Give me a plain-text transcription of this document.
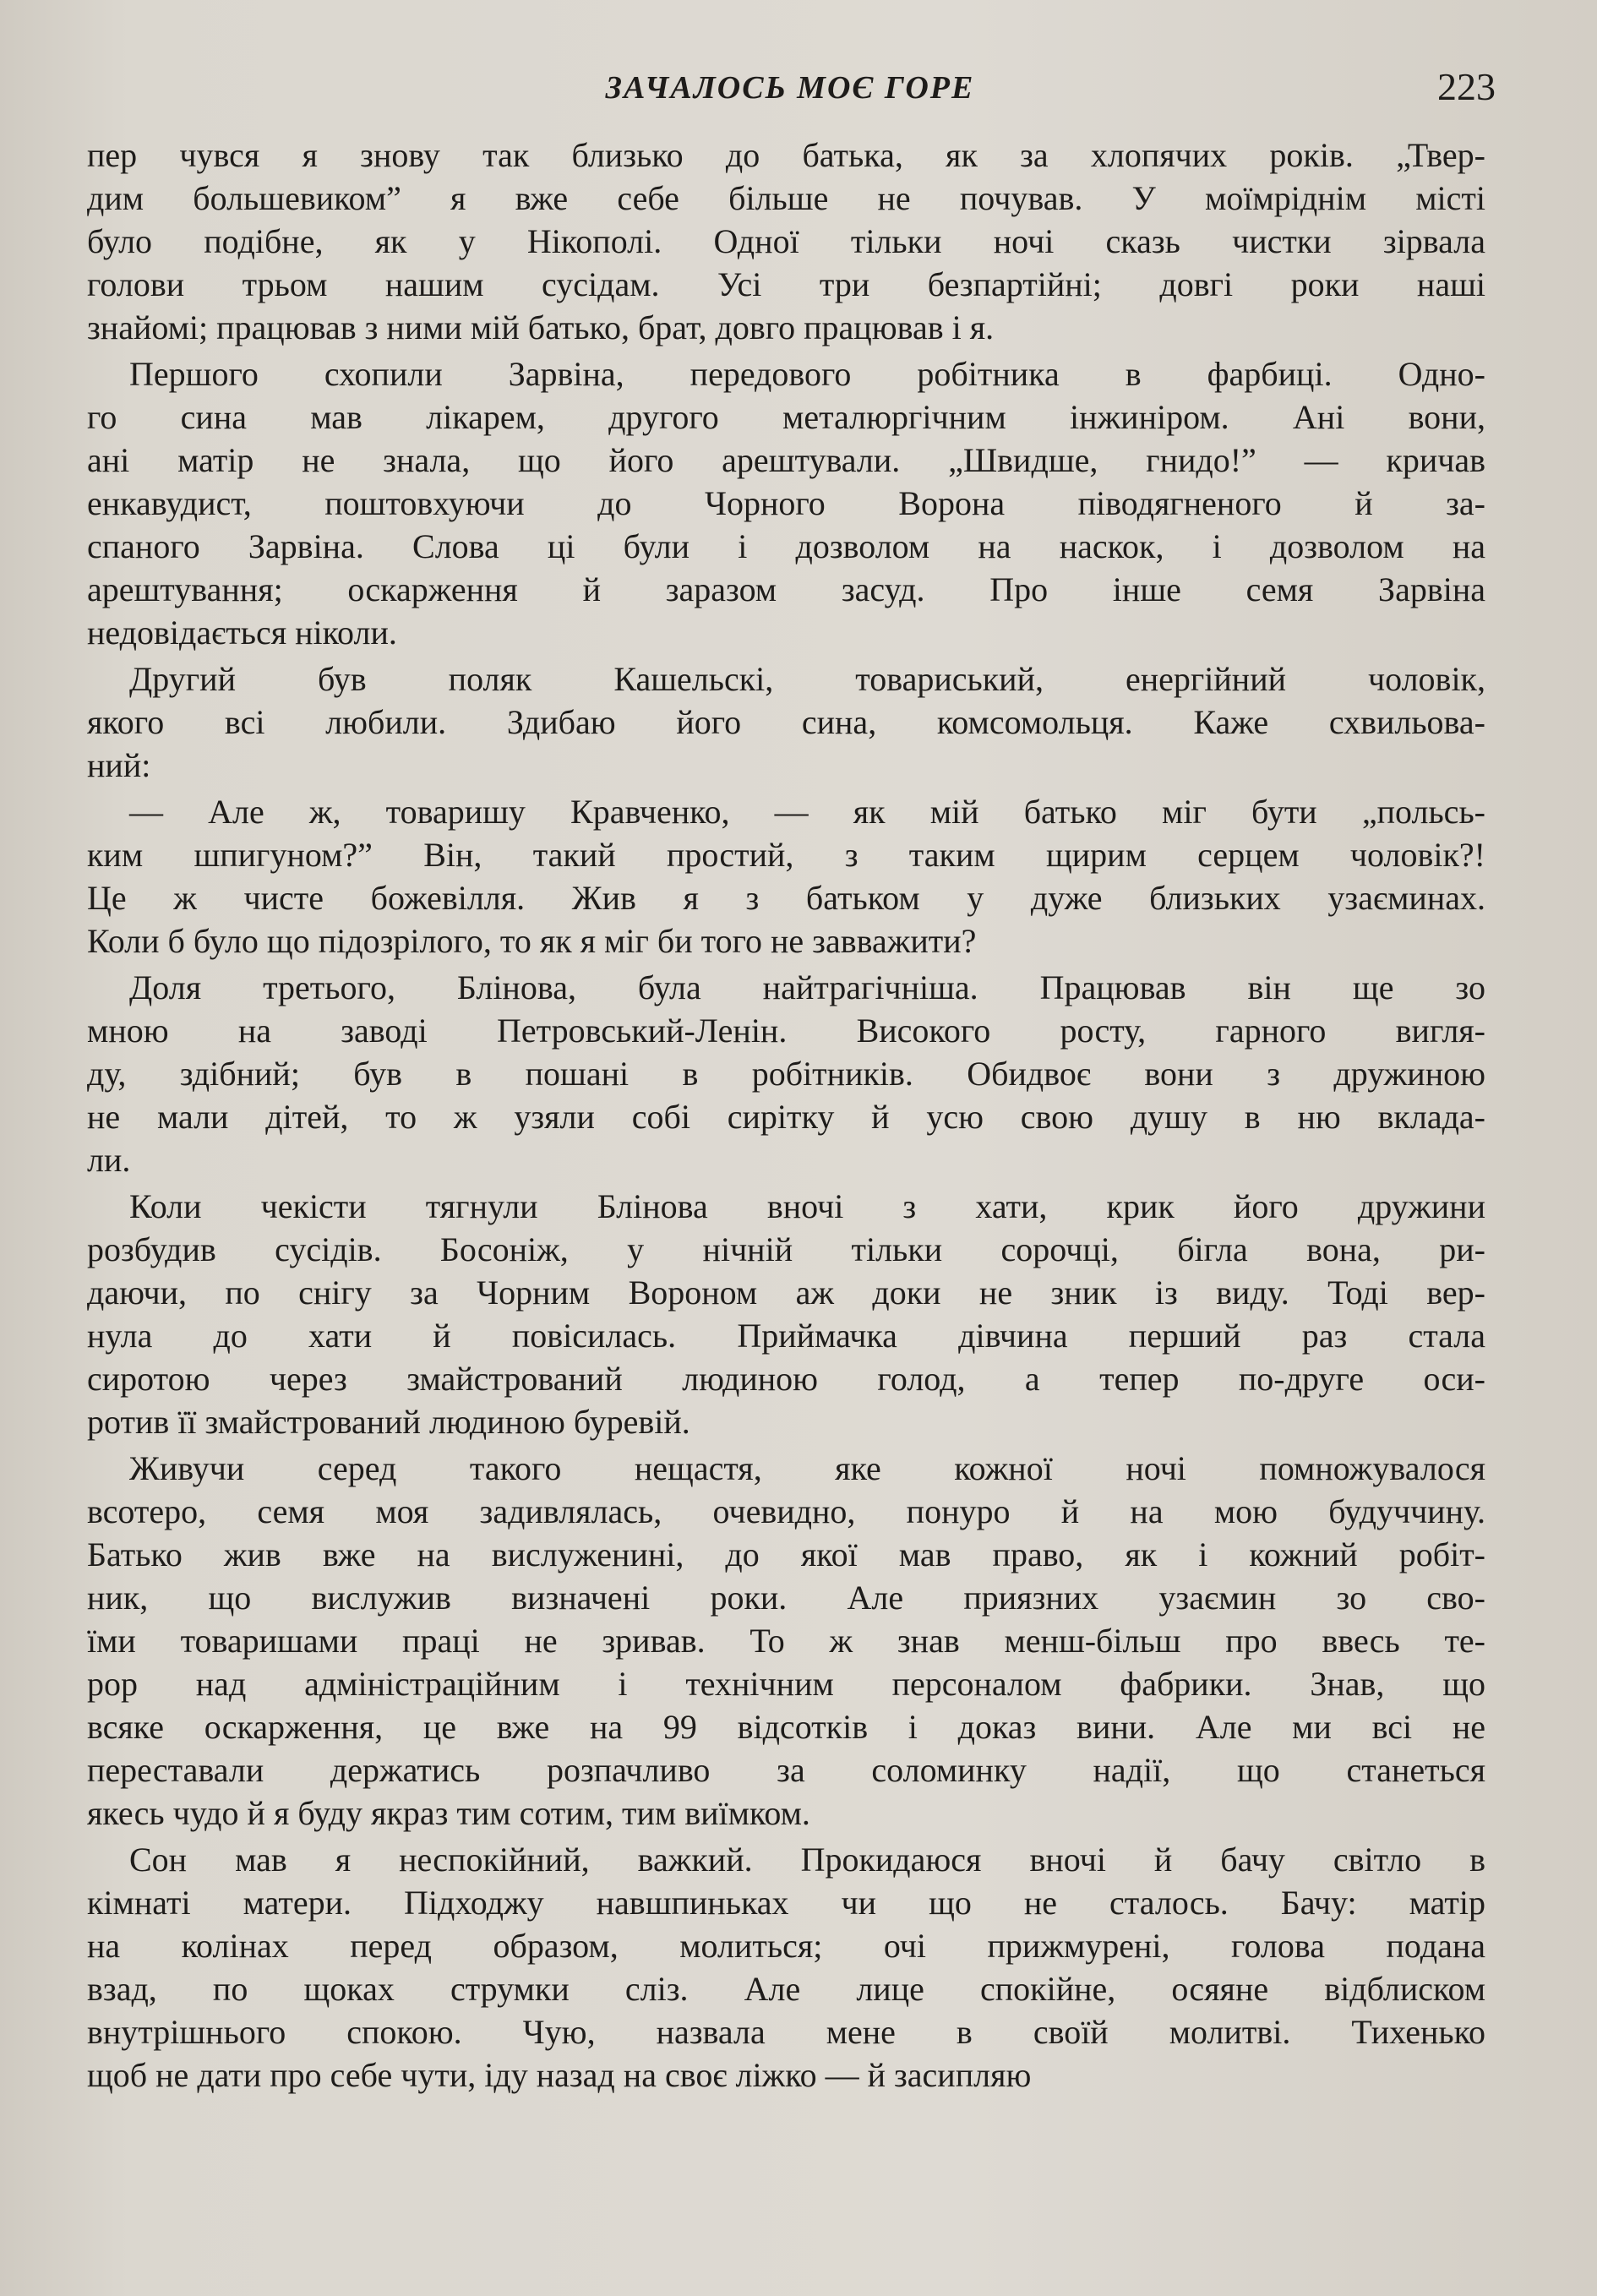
ЗАЧАЛОСЬ МОЄ ГОРЕ	223
пер чувся я знову так близько до батька, як за хлопячих років. „Твер-
дим большевиком” я вже себе більше не почував. У моїмріднім місті
було подібне, як у Нікополі. Одної тільки ночі сказь чистки зірвала
голови трьом нашим сусідам. Усі три безпартійні; довгі роки наші
знайомі; працював з ними мій батько, брат, довго працював і я.
Першого схопили Зарвіна, передового робітника в фарбиці. Одно-
го сина мав лікарем, другого металюргічним інжиніром. Ані вони,
ані матір не знала, що його арештували. „Швидше, гнидо!” — кричав
енкавудист, поштовхуючи до Чорного Ворона піводягненого й за-
спаного Зарвіна. Слова ці були і дозволом на наскок, і дозволом на
арештування; оскарження й заразом засуд. Про інше семя Зарвіна
недовідається ніколи.
Другий був поляк Кашельскі, товариський, енергійний чоловік,
якого всі любили. Здибаю його сина, комсомольця. Каже схвильова-
ний:
— Але ж, товаришу Кравченко, — як мій батько міг бути „польсь-
ким шпигуном?” Він, такий простий, з таким щирим серцем чоловік?!
Це ж чисте божевілля. Жив я з батьком у дуже близьких узаєминах.
Коли б було що підозрілого, то як я міг би того не завважити?
Доля третього, Блінова, була найтрагічніша. Працював він ще зо
мною на заводі Петровський-Ленін. Високого росту, гарного вигля-
ду, здібний; був в пошані в робітників. Обидвоє вони з дружиною
не мали дітей, то ж узяли собі сирітку й усю свою душу в ню вклада-
ли.
Коли чекісти тягнули Блінова вночі з хати, крик його дружини
розбудив сусідів. Босоніж, у нічній тільки сорочці, бігла вона, ри-
даючи, по снігу за Чорним Вороном аж доки не зник із виду. Тоді вер-
нула до хати й повісилась. Приймачка дівчина перший раз стала
сиротою через змайстрований людиною голод, а тепер по-друге оси-
ротив її змайстрований людиною буревій.
Живучи серед такого нещастя, яке кожної ночі помножувалося
всотеро, семя моя задивлялась, очевидно, понуро й на мою будуччину.
Батько жив вже на вислуженині, до якої мав право, як і кожний робіт-
ник, що вислужив визначені роки. Але приязних узаємин зо сво-
їми товаришами праці не зривав. То ж знав менш-більш про ввесь те-
рор над адміністраційним і технічним персоналом фабрики. Знав, що
всяке оскарження, це вже на 99 відсотків і доказ вини. Але ми всі не
переставали держатись розпачливо за соломинку надії, що станеться
якесь чудо й я буду якраз тим сотим, тим виїмком.
Сон мав я неспокійний, важкий. Прокидаюся вночі й бачу світло в
кімнаті матери. Підходжу навшпиньках чи що не сталось. Бачу: матір
на колінах перед образом, молиться; очі прижмурені, голова подана
взад, по щоках струмки сліз. Але лице спокійне, осяяне відблиском
внутрішнього спокою. Чую, назвала мене в своїй молитві. Тихенько
щоб не дати про себе чути, іду назад на своє ліжко — й засипляю
